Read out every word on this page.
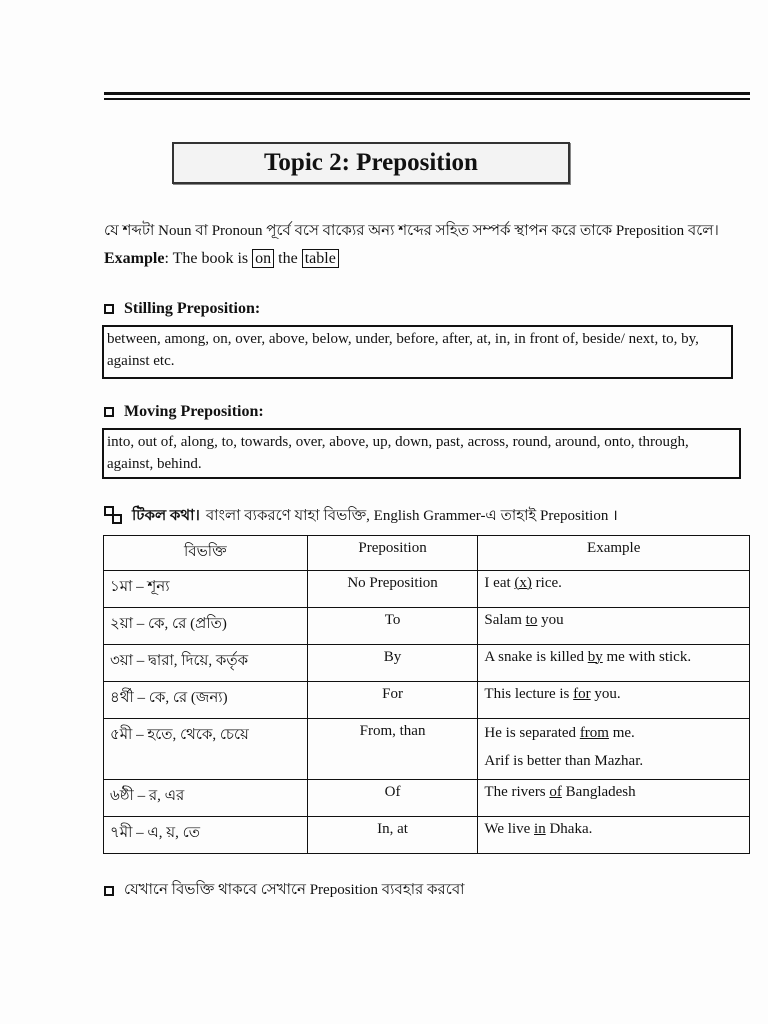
Topic 2: Preposition
যে শব্দটা Noun বা Pronoun পূর্বে বসে বাক্যের অন্য শব্দের সহিত সম্পর্ক স্থাপন করে তাকে Preposition বলে।
Example: The book is on the table
Stilling Preposition:
between, among, on, over, above, below, under, before, after, at, in, in front of, beside/ next, to, by, against etc.
Moving Preposition:
into, out of, along, to, towards, over, above, up, down, past, across, round, around, onto, through, against, behind.
টিকল কথা। বাংলা ব্যকরণে যাহা বিভক্তি, English Grammer-এ তাহাই Preposition ।
বিভক্তি	Preposition	Example
১মা – শূন্য	No Preposition	I eat (x) rice.
২য়া – কে, রে (প্রতি)	To	Salam to you
৩য়া – দ্বারা, দিয়ে, কর্তৃক	By	A snake is killed by me with stick.
৪র্থী – কে, রে (জন্য)	For	This lecture is for you.
৫মী – হতে, থেকে, চেয়ে	From, than	He is separated from me.
Arif is better than Mazhar.
৬ষ্ঠী – র, এর	Of	The rivers of Bangladesh
৭মী – এ, য়, তে	In, at	We live in Dhaka.
যেখানে বিভক্তি থাকবে সেখানে Preposition ব্যবহার করবো
